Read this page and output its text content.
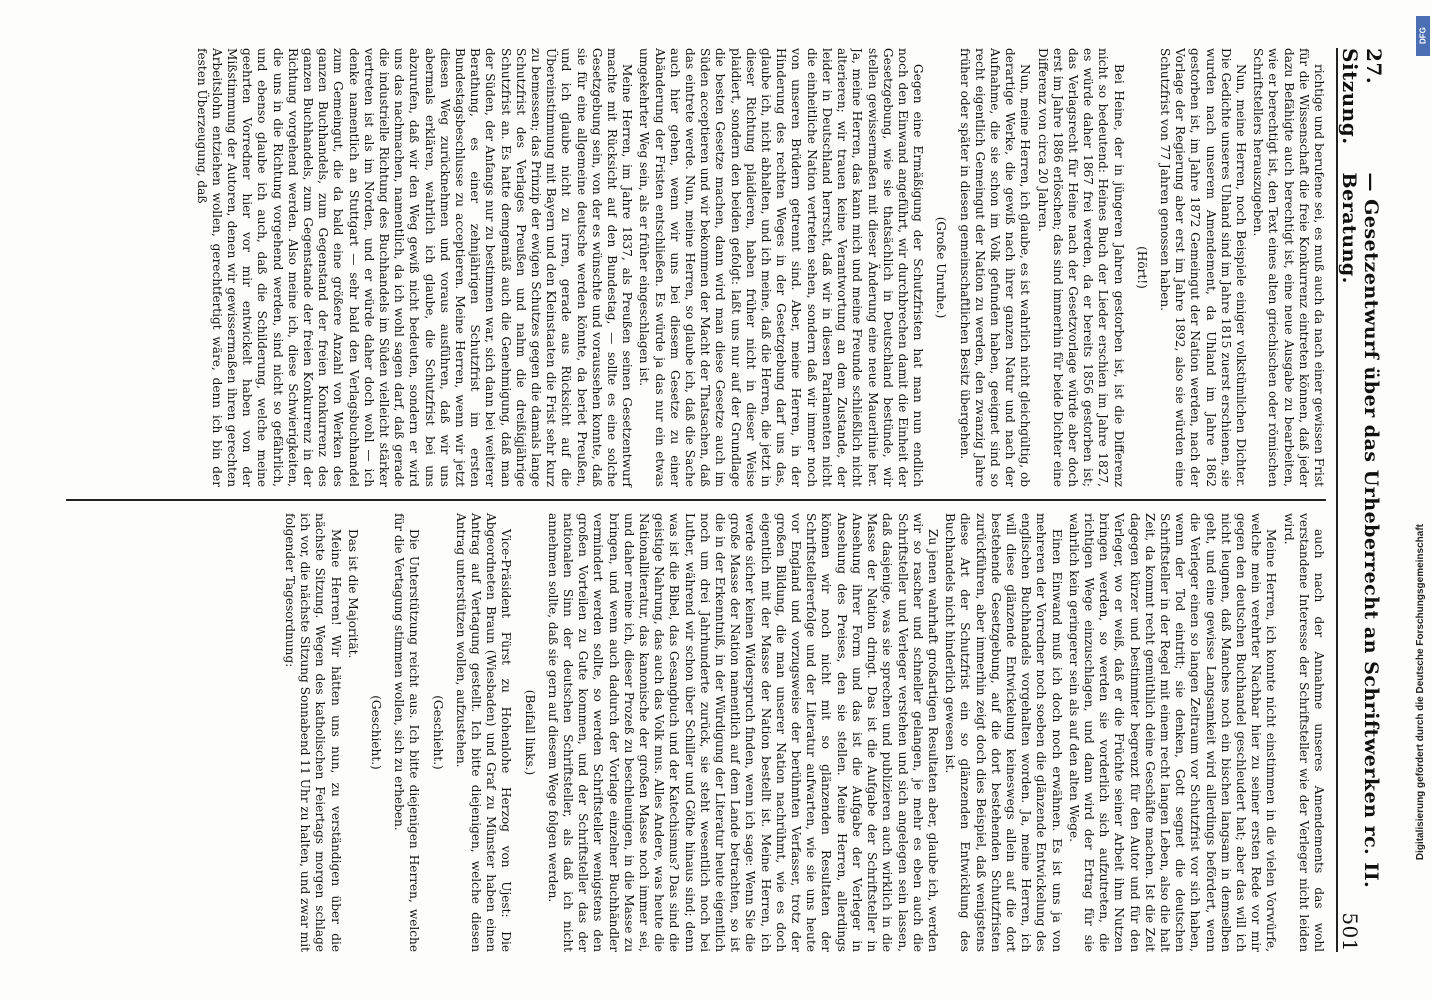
27. Sitzung.
— Gesetzentwurf über das Urheberrecht an Schriftwerken rc. II. Beratung.
501

richtige und berufene sei, es muß auch da nach einer gewissen Frist für die Wissenschaft die freie Konkurrenz eintreten können, daß jeder dazu Befähigte auch berechtigt ist, eine neue Ausgabe zu bearbeiten, wie er berechtigt ist, den Text eines alten griechischen oder römischen Schriftstellers herauszugeben.

Nun, meine Herren, noch Beispiele einiger volkstümlichen Dichter. Die Gedichte unseres Uhland sind im Jahre 1815 zuerst erschienen, sie wurden nach unserem Amendement, da Uhland im Jahre 1862 gestorben ist, im Jahre 1872 Gemeingut der Nation werden, nach der Vorlage der Regierung aber erst im Jahre 1892, also sie würden eine Schutzfrist von 77 Jahren genossen haben.

(Hört!)

Bei Heine, der in jüngeren Jahren gestorben ist, ist die Differenz nicht so bedeutend: Heines Buch der Lieder erschien im Jahre 1827, es würde daher 1867 frei werden, da er bereits 1856 gestorben ist; das Verlagsrecht für Heine nach der Gesetzvorlage würde aber doch erst im Jahre 1886 erlöschen; das sind immerhin für beide Dichter eine Differenz von circa 20 Jahren.

Nun, meine Herren, ich glaube, es ist wahrlich nicht gleichgültig, ob derartige Werke, die gewiß nach ihrer ganzen Natur und nach der Aufnahme, die sie schon im Volk gefunden haben, geeignet sind so recht eigentlich Gemeingut der Nation zu werden, den zwanzig Jahre früher oder später in diesen gemeinschaftlichen Besitz übergehen.

(Große Unruhe.)

Gegen eine Ermäßigung der Schutzfristen hat man nun endlich noch den Einwand angeführt, wir durchbrechen damit die Einheit der Gesetzgebung, wie sie thatsächlich in Deutschland bestünde, wir stellen gewissermaßen mit dieser Änderung eine neue Mauerlinie her. Ja, meine Herren, das kann mich und meine Freunde schließlich nicht alterieren; wir trauen keine Verantwortung an dem Zustande, der leider in Deutschland herrscht, daß wir in diesen Parlamenten nicht die einheitliche Nation vertreten sehen, sondern daß wir immer noch von unseren Brüdern getrennt sind. Aber, meine Herren, in der Hinderung des rechten Weges in der Gesetzgebung darf uns das, glaube ich, nicht abhalten, und ich meine, daß die Herren, die jetzt in dieser Richtung plaidieren, haben früher nicht in dieser Weise plaidiert, sondern den beiden gefolgt: laßt uns nur auf der Grundlage die besten Gesetze machen, dann wird man diese Gesetze auch im Süden acceptieren und wir bekommen der Macht der Thatsachen, daß das eintrete werde. Nun, meine Herren, so glaube ich, daß die Sache auch hier gehen, wenn wir uns bei diesem Gesetze zu einer Abänderung der Fristen entschließen. Es würde ja das nur ein etwas umgekehrter Weg sein, als er früher eingeschlagen ist.

Meine Herren, im Jahre 1837, als Preußen seinen Gesetzentwurf machte mit Rücksicht auf den Bundestag, — sollte es eine solche Gesetzgebung sein, von der es wünschte und voraussehen konnte, daß sie für eine allgemeine deutsche werden könnte, da beriet Preußen, und ich glaube nicht zu irren, gerade aus Rücksicht auf die Übereinstimmung mit Bayern und den Kleinstaaten die Frist sehr kurz zu bemessen; das Prinzip der ewigen Schutzes gegen die damals lange Schutzfrist des Verlages Preußen und nahm die dreißigjährige Schutzfrist an. Es hatte demgemäß auch die Genehmigung, daß man der Süden, der Anfangs nur zu bestimmen war, sich dann bei weiterer Berathung, es einer zehnjährigen Schutzfrist im ersten Bundestagsbeschlusse zu acceptieren. Meine Herren, wenn wir jetzt diesen Weg zurücknehmen und voraus ausführen, daß wir uns abermals erklären, wahrlich ich glaube, die Schutzfrist bei uns abzurufen, daß wir den Weg gewiß nicht bedeuten, sondern er wird uns das nachmachen, namentlich, da ich wohl sagen darf, daß gerade die industrielle Richtung des Buchhandels im Süden vielleicht stärker vertreten ist als im Norden, und er würde daher doch wohl — ich denke namentlich an Stuttgart — sehr bald den Verlagsbuchhandel zum Gemeingut, die da bald eine größere Anzahl von Werken des ganzen Buchhandels, zum Gegenstand der freien Konkurrenz des ganzen Buchhandels, zum Gegenstande der freien Konkurrenz in der Richtung vorgehend werden. Also meine ich, diese Schwierigkeiten, die uns in die Richtung vorgehend werden, sind nicht so gefährlich, und ebenso glaube ich auch, daß die Schilderung, welche meine geehrten Vorredner hier vor mir entwickelt haben von der Mißstimmung der Autoren, denen wir gewissermaßen ihren gerechten Arbeitslohn entziehen wollen, gerechtfertigt wäre, denn ich bin der festen Überzeugung, daß

auch nach der Annahme unseres Amendements das wohl verstandene Interesse der Schriftsteller wie der Verleger nicht leiden wird.

Meine Herren, ich konnte nicht einstimmen in die vielen Vorwürfe, welche mein verehrter Nachbar hier zu seiner ersten Rede vor mir gegen den deutschen Buchhandel geschleudert hat; aber das will ich nicht leugnen, daß Manches noch ein bischen langsam in demselben geht, und eine gewisse Langsamkeit wird allerdings befördert, wenn die Verleger einen so langen Zeitraum vor Schutzfrist vor sich haben, wenn der Tod eintritt; sie denken, Gott segnet die deutschen Schriftsteller in der Regel mit einem recht langen Leben, also die halt Zeit, da kommt recht gemüthlich deine Geschäfte machen. Ist die Zeit dagegen kürzer und bestimmter begrenzt für den Autor und für den Verleger, wo er weiß, daß er die Früchte seiner Arbeit ihm Nutzen bringen werden, so werden sie vorderlich sich aufzutreten, die richtigen Wege einzuschlagen, und dann wird der Ertrag für sie wahrlich kein geringerer sein als auf den alten Wege.

Einen Einwand muß ich doch noch erwähnen. Es ist uns ja von mehreren der Vorredner noch soeben die glänzende Entwickelung des englischen Buchhandels vorgehalten worden. Ja, meine Herren, ich will diese glänzende Entwickelung keineswegs allein auf die dort bestehende Gesetzgebung, auf die dort bestehenden Schutzfristen zurückführen, aber immerhin zeigt doch dies Beispiel, daß wenigstens diese Art der Schutzfrist ein so glänzenden Entwicklung des Buchhandels nicht hinderlich gewesen ist.

Zu jenen wahrhaft großartigen Resultaten aber, glaube ich, werden wir so rascher und schneller gelangen, je mehr es eben auch die Schriftsteller und Verleger verstehen und sich angelegen sein lassen, daß dasjenige, was sie sprechen und publizieren auch wirklich in die Masse der Nation dringt. Das ist die Aufgabe der Schriftsteller in Ansehung ihrer Form und das ist die Aufgabe der Verleger in Ansehung des Preises, den sie stellen. Meine Herren, allerdings können wir noch nicht mit so glänzenden Resultaten der Schriftstellererfolge und der Literatur aufwarten, wie sie uns heute vor England und vorzugsweise der berühmten Verfasser, trotz der großen Bildung, die man unserer Nation nachrühmt, wie es doch eigentlich mit der Masse der Nation bestellt ist. Meine Herren, ich werde sicher keinen Widerspruch finden, wenn ich sage: Wenn Sie die große Masse der Nation namentlich auf dem Lande betrachten, so ist die in der Erkenntniß, in der Würdigung der Literatur heute eigentlich noch um drei Jahrhunderte zurück, sie steht wesentlich noch bei Luther, während wir schon über Schiller und Göthe hinaus sind; denn was ist die Bibel, das Gesangbuch und der Katechismus? Das sind die geistige Nahrung, das auch das Volk mus. Alles Andere, was heute die Nationalliteratur, das kanonische der großen Masse noch immer sei, und daher meine ich, dieser Prozeß zu beschleunigen, in die Masse zu bringen, und wenn auch dadurch der Vorlage einzelner Buchhändler vermindert werden sollte, so werden Schriftsteller wenigstens den großen Vorteilen zu Gute kommen, und der Schriftsteller das der nationalen Sinn der deutschen Schriftsteller, als daß ich nicht annehmen sollte, daß sie gern auf diesem Wege folgen werden.

(Beifall links.)

Vice-Präsident Fürst zu Hohenlohe Herzog von Ujest: Die Abgeordneten Braun (Wiesbaden) und Graf zu Münster haben einen Antrag auf Vertagung gestellt. Ich bitte diejenigen, welche diesen Antrag unterstützen wollen, aufzustehen.

(Geschieht.)

Die Unterstützung reicht aus. Ich bitte diejenigen Herren, welche für die Vertagung stimmen wollen, sich zu erheben.

(Geschieht.)

Das ist die Majorität.

Meine Herren! Wir hätten uns nun, zu verständigen über die nächste Sitzung. Wegen des katholischen Feiertags morgen schlage ich vor, die nächste Sitzung Sonnabend 11 Uhr zu halten, und zwar mit folgender Tagesordnung:	Digitalisierung gefördert durch die Deutsche Forschungsgemeinschaft
DFG
